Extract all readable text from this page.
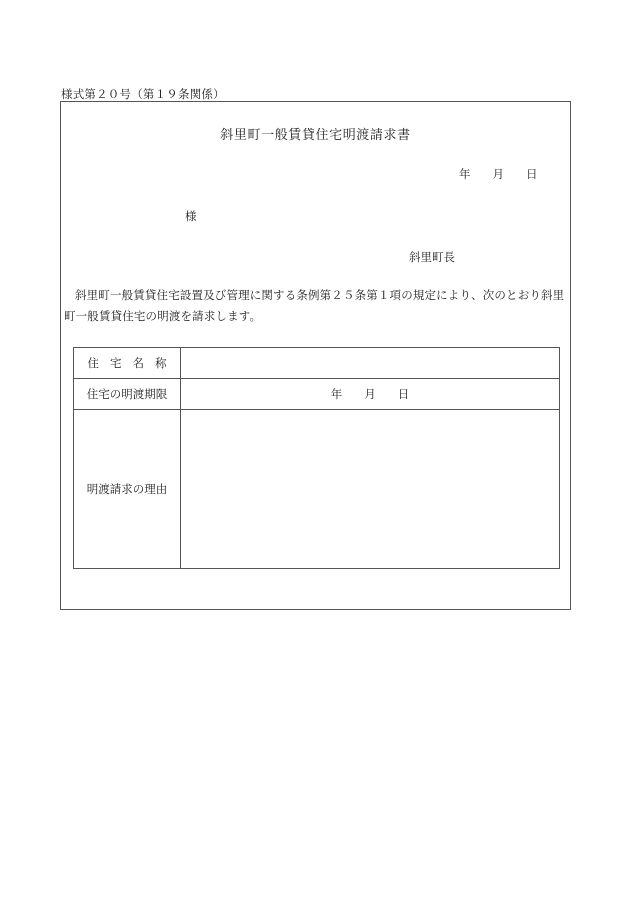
様式第２０号（第１９条関係）
斜里町一般賃貸住宅明渡請求書
年 月 日
様
斜里町長
斜里町一般賃貸住宅設置及び管理に関する条例第２５条第１項の規定により、次のとおり斜里町一般賃貸住宅の明渡を請求します。
住宅名称	
住宅の明渡期限	年 月 日
明渡請求の理由	
